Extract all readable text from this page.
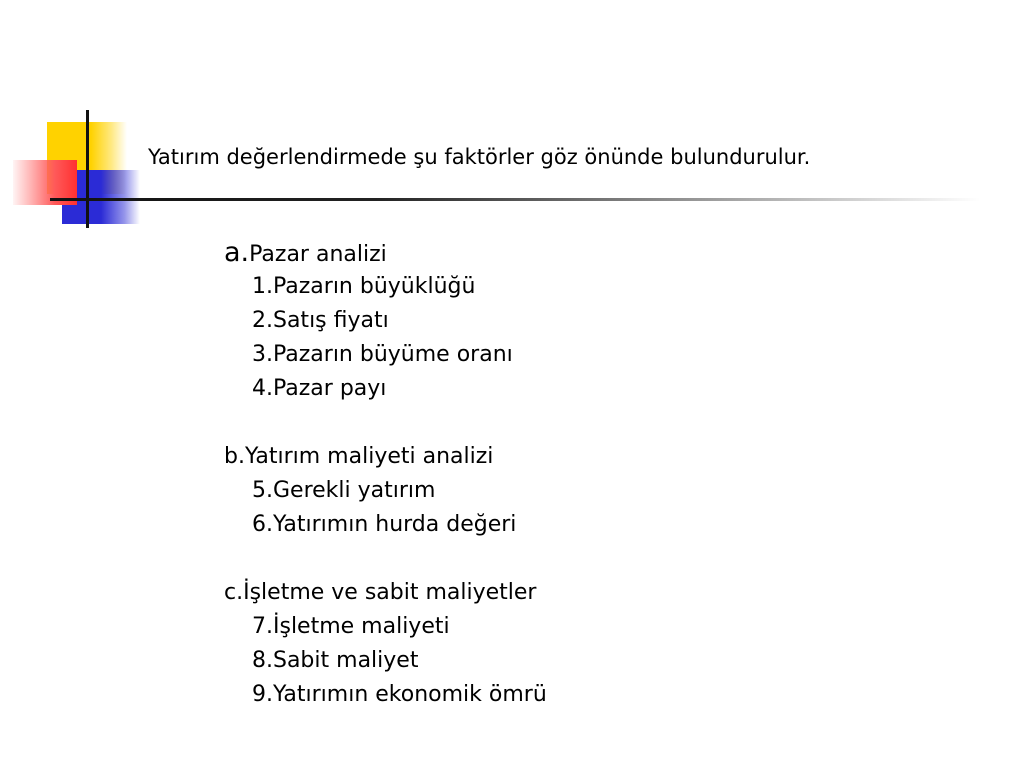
Yatırım değerlendirmede şu faktörler göz önünde bulundurulur.
a.Pazar analizi
1.Pazarın büyüklüğü
2.Satış fiyatı
3.Pazarın büyüme oranı
4.Pazar payı
b.Yatırım maliyeti analizi
5.Gerekli yatırım
6.Yatırımın hurda değeri
c.İşletme ve sabit maliyetler
7.İşletme maliyeti
8.Sabit maliyet
9.Yatırımın ekonomik ömrü
